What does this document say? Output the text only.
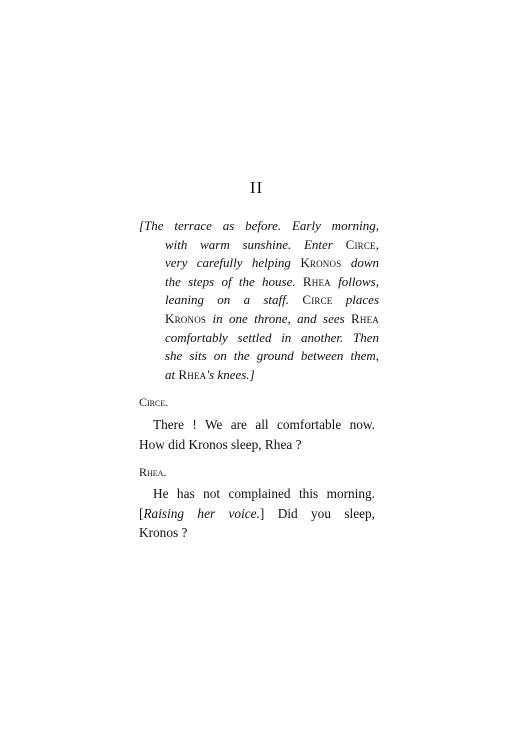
II
[The terrace as before. Early morning,
with warm sunshine. Enter Circe,
very carefully helping Kronos down
the steps of the house. Rhea follows,
leaning on a staff. Circe places
Kronos in one throne, and sees Rhea
comfortably settled in another. Then
she sits on the ground between them,
at Rhea's knees.]
Circe.
There ! We are all comfortable now.
How did Kronos sleep, Rhea ?
Rhea.
He has not complained this morning.
[Raising her voice.] Did you sleep,
Kronos ?
